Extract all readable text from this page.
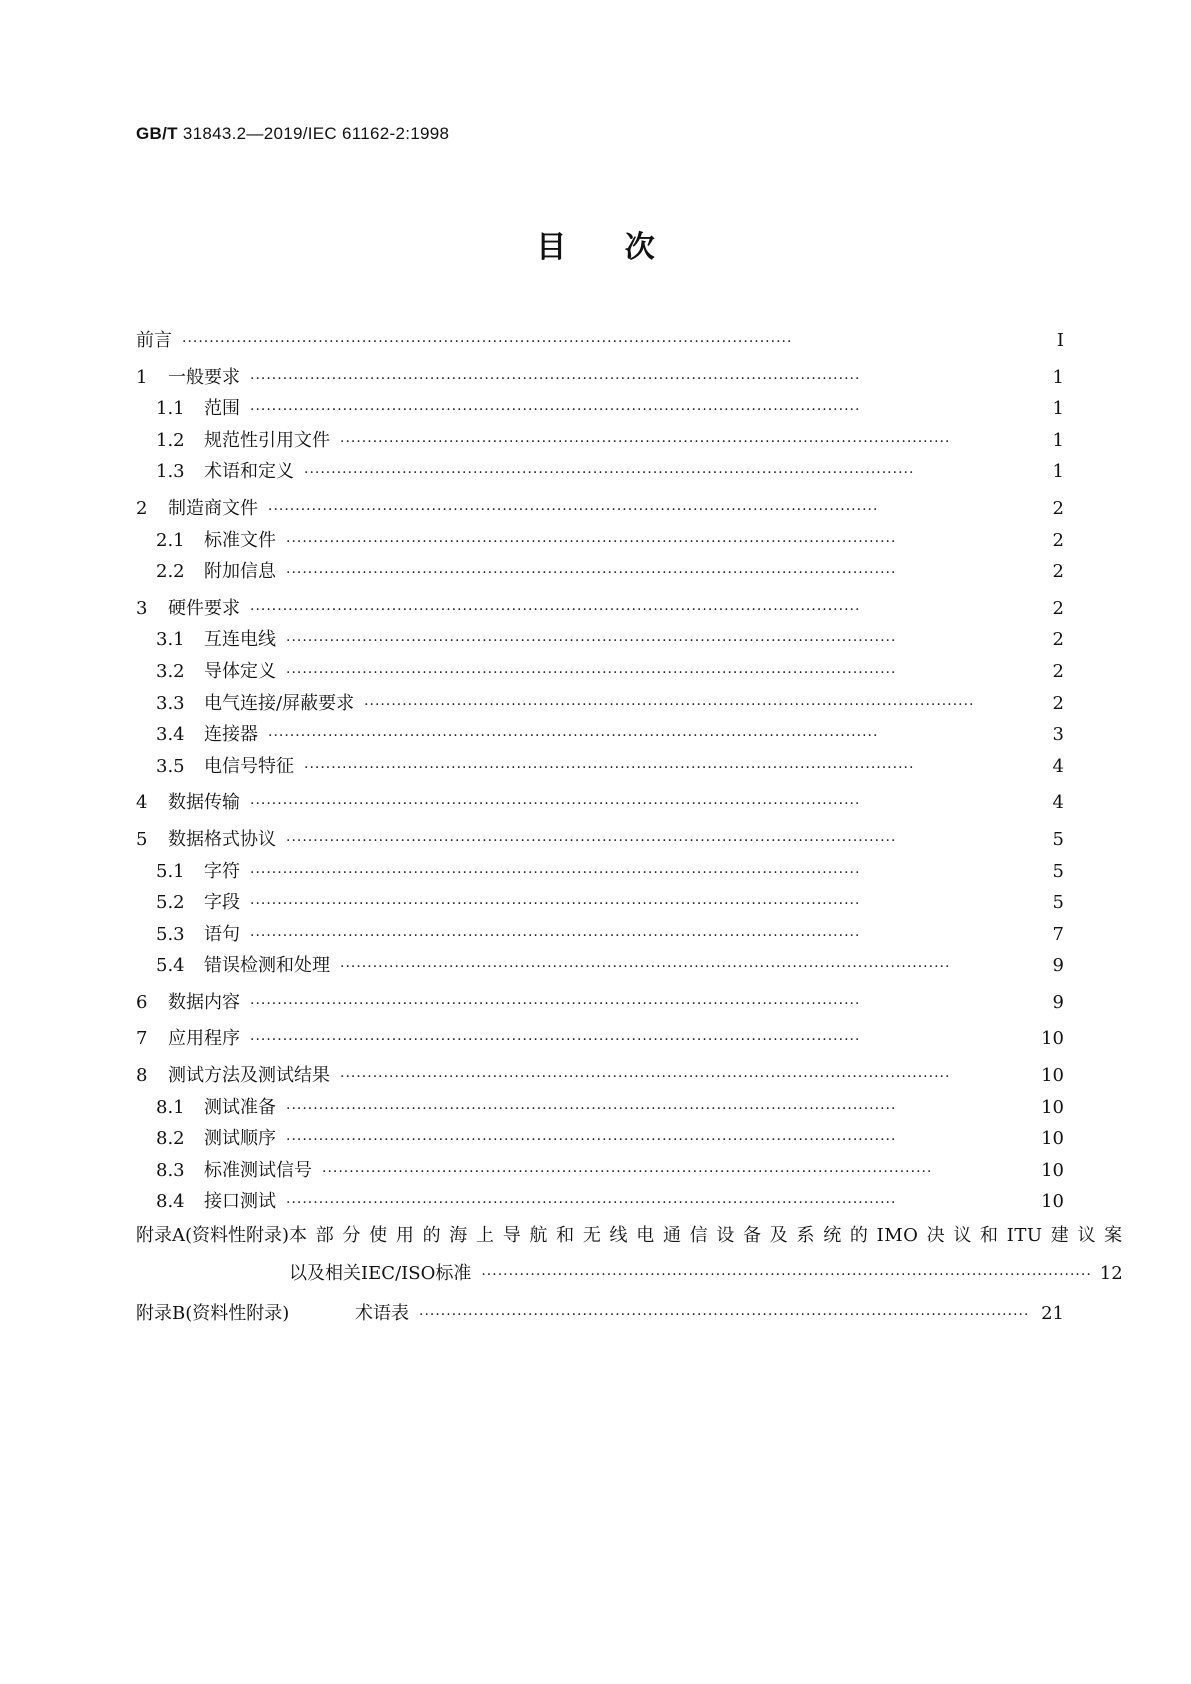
GB/T 31843.2—2019/IEC 61162-2:1998
目 次
前言 ················································································································	Ⅰ
1	一般要求 ················································································································	1
1.1	范围 ················································································································	1
1.2	规范性引用文件 ················································································································	1
1.3	术语和定义 ················································································································	1
2	制造商文件 ················································································································	2
2.1	标准文件 ················································································································	2
2.2	附加信息 ················································································································	2
3	硬件要求 ················································································································	2
3.1	互连电线 ················································································································	2
3.2	导体定义 ················································································································	2
3.3	电气连接/屏蔽要求 ················································································································	2
3.4	连接器 ················································································································	3
3.5	电信号特征 ················································································································	4
4	数据传输 ················································································································	4
5	数据格式协议 ················································································································	5
5.1	字符 ················································································································	5
5.2	字段 ················································································································	5
5.3	语句 ················································································································	7
5.4	错误检测和处理 ················································································································	9
6	数据内容 ················································································································	9
7	应用程序 ················································································································	10
8	测试方法及测试结果 ················································································································	10
8.1	测试准备 ················································································································	10
8.2	测试顺序 ················································································································	10
8.3	标准测试信号 ················································································································	10
8.4	接口测试 ················································································································	10
附录A(资料性附录) 本部分使用的海上导航和无线电通信设备及系统的IMO决议和ITU建议案
以及相关IEC/ISO标准 ················································································································ 12
附录B(资料性附录)	术语表 ················································································································ 21
